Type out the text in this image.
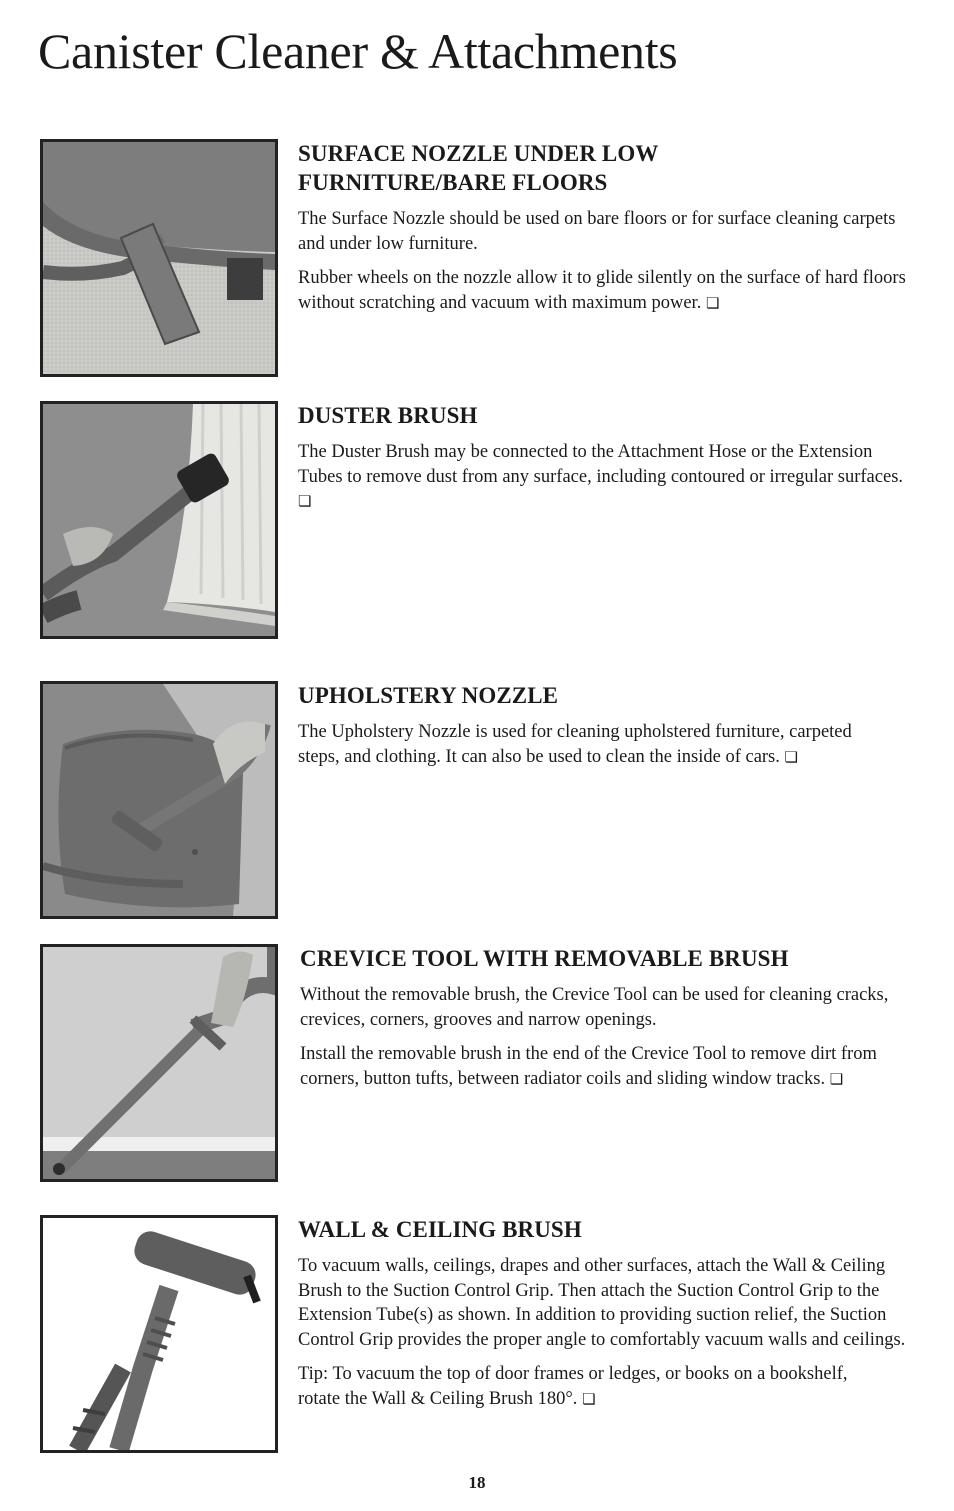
Canister Cleaner & Attachments
SURFACE NOZZLE UNDER LOW
FURNITURE/BARE FLOORS

The Surface Nozzle should be used on bare floors or for surface cleaning carpets and under low furniture.

Rubber wheels on the nozzle allow it to glide silently on the surface of hard floors without scratching and vacuum with maximum power. ❏

DUSTER BRUSH

The Duster Brush may be connected to the Attachment Hose or the Extension Tubes to remove dust from any surface, including contoured or irregular surfaces. ❏

UPHOLSTERY NOZZLE

The Upholstery Nozzle is used for cleaning upholstered furniture, carpeted steps, and clothing. It can also be used to clean the inside of cars. ❏

CREVICE TOOL WITH REMOVABLE BRUSH

Without the removable brush, the Crevice Tool can be used for cleaning cracks, crevices, corners, grooves and narrow openings.

Install the removable brush in the end of the Crevice Tool to remove dirt from corners, button tufts, between radiator coils and sliding window tracks. ❏

WALL & CEILING BRUSH

To vacuum walls, ceilings, drapes and other surfaces, attach the Wall & Ceiling Brush to the Suction Control Grip. Then attach the Suction Control Grip to the Extension Tube(s) as shown. In addition to providing suction relief, the Suction Control Grip provides the proper angle to comfortably vacuum walls and ceilings.

Tip: To vacuum the top of door frames or ledges, or books on a bookshelf, rotate the Wall & Ceiling Brush 180°. ❏

18
